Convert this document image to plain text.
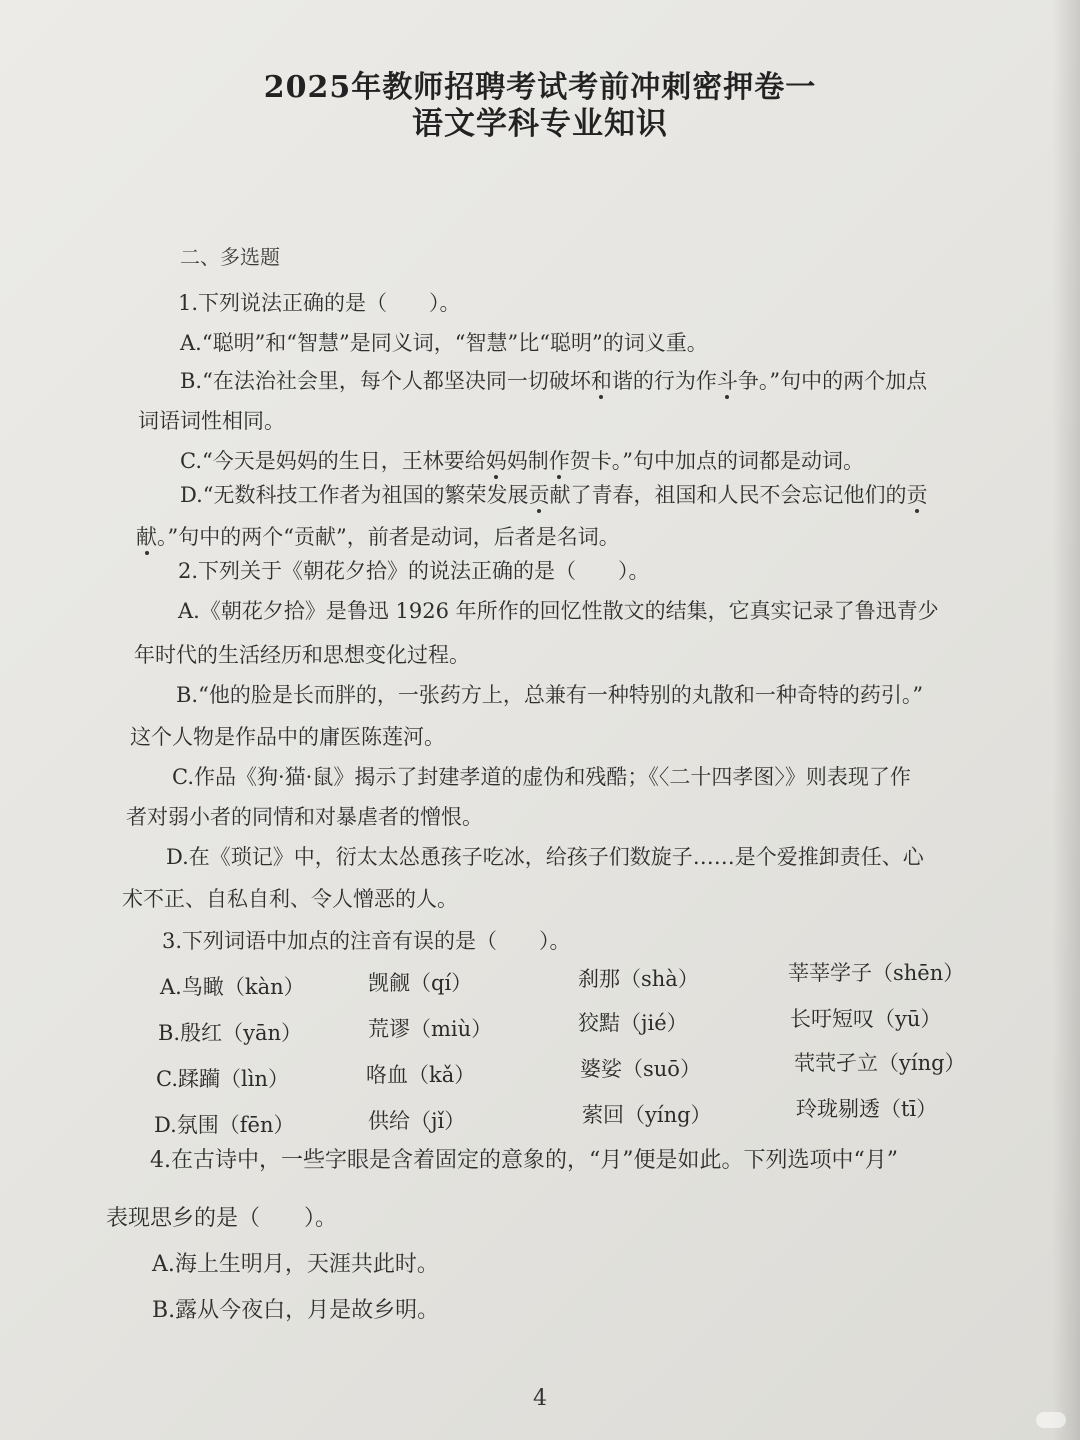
2025年教师招聘考试考前冲刺密押卷一
语文学科专业知识
二、多选题
1.下列说法正确的是（　　）。
A.“聪明”和“智慧”是同义词，“智慧”比“聪明”的词义重。
B.“在法治社会里，每个人都坚决同一切破坏和谐的行为作斗争。”句中的两个加点
词语词性相同。
C.“今天是妈妈的生日，王林要给妈妈制作贺卡。”句中加点的词都是动词。
D.“无数科技工作者为祖国的繁荣发展贡献了青春，祖国和人民不会忘记他们的贡
献。”句中的两个“贡献”，前者是动词，后者是名词。
2.下列关于《朝花夕拾》的说法正确的是（　　）。
A.《朝花夕拾》是鲁迅 1926 年所作的回忆性散文的结集，它真实记录了鲁迅青少
年时代的生活经历和思想变化过程。
B.“他的脸是长而胖的，一张药方上，总兼有一种特别的丸散和一种奇特的药引。”
这个人物是作品中的庸医陈莲河。
C.作品《狗·猫·鼠》揭示了封建孝道的虚伪和残酷；《〈二十四孝图〉》则表现了作
者对弱小者的同情和对暴虐者的憎恨。
D.在《琐记》中，衍太太怂恿孩子吃冰，给孩子们数旋子……是个爱推卸责任、心
术不正、自私自利、令人憎恶的人。
3.下列词语中加点的注音有误的是（　　）。
A.鸟瞰（kàn）	觊觎（qí）	刹那（shà）	莘莘学子（shēn）
B.殷红（yān）	荒谬（miù）	狡黠（jié）	长吁短叹（yū）
C.蹂躏（lìn）	咯血（kǎ）	婆娑（suō）	茕茕孑立（yíng）
D.氛围（fēn）	供给（jǐ）	萦回（yíng）	玲珑剔透（tī）
4.在古诗中，一些字眼是含着固定的意象的，“月”便是如此。下列选项中“月”
表现思乡的是（　　）。
A.海上生明月，天涯共此时。
B.露从今夜白，月是故乡明。
4
